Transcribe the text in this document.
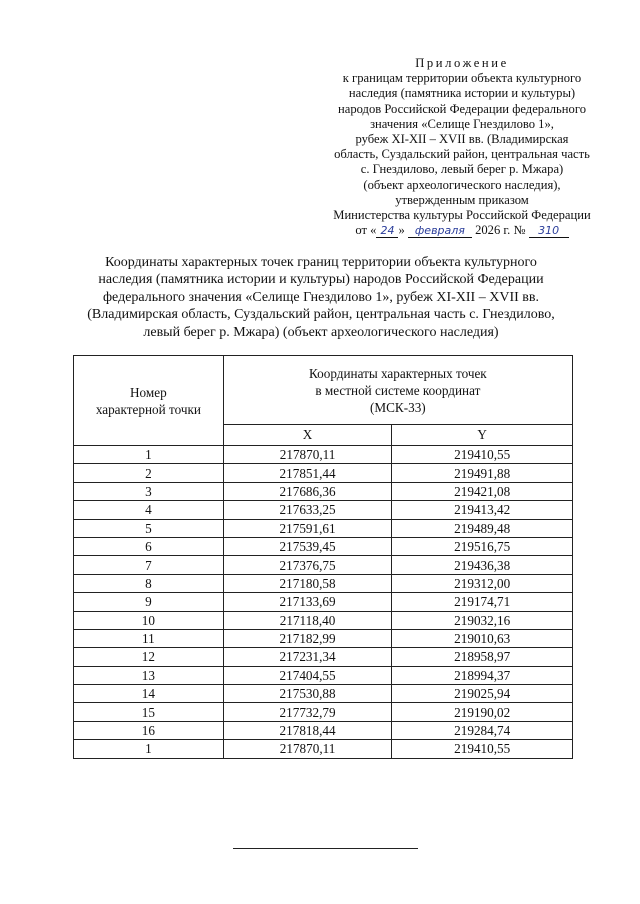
Приложение
к границам территории объекта культурного
наследия (памятника истории и культуры)
народов Российской Федерации федерального
значения «Селище Гнездилово 1»,
рубеж XI-XII – XVII вв. (Владимирская
область, Суздальский район, центральная часть
с. Гнездилово, левый берег р. Мжара)
(объект археологического наследия),
утвержденным приказом
Министерства культуры Российской Федерации
от « 24 » февраля 2026 г. № 310
Координаты характерных точек границ территории объекта культурного
наследия (памятника истории и культуры) народов Российской Федерации
федерального значения «Селище Гнездилово 1», рубеж XI-XII – XVII вв.
(Владимирская область, Суздальский район, центральная часть с. Гнездилово,
левый берег р. Мжара) (объект археологического наследия)
Номер
характерной точки	Координаты характерных точек
в местной системе координат
(МСК-33)	
	X	Y
1	217870,11	219410,55
2	217851,44	219491,88
3	217686,36	219421,08
4	217633,25	219413,42
5	217591,61	219489,48
6	217539,45	219516,75
7	217376,75	219436,38
8	217180,58	219312,00
9	217133,69	219174,71
10	217118,40	219032,16
11	217182,99	219010,63
12	217231,34	218958,97
13	217404,55	218994,37
14	217530,88	219025,94
15	217732,79	219190,02
16	217818,44	219284,74
1	217870,11	219410,55
